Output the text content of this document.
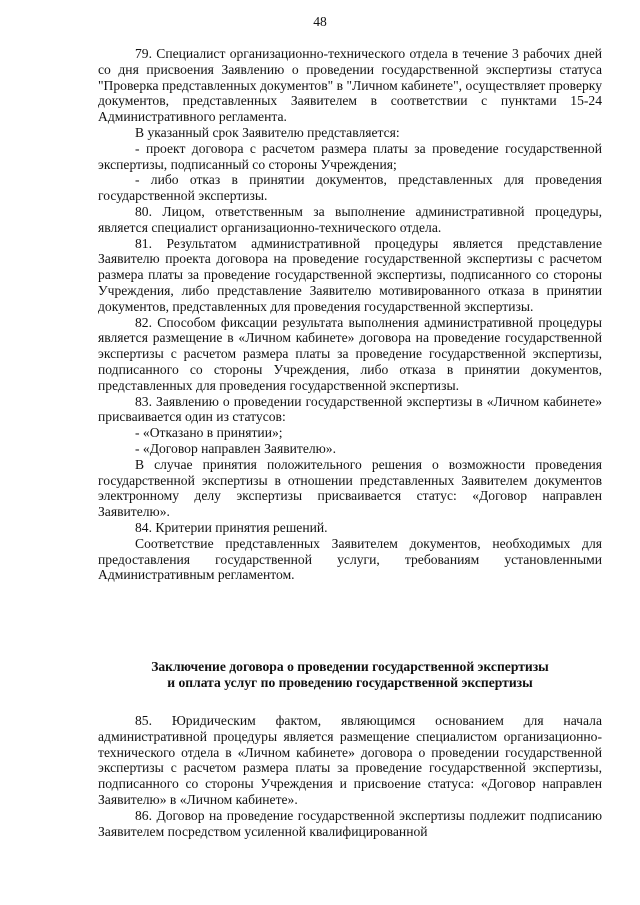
48

79. Специалист организационно-технического отдела в течение 3 рабочих дней со дня присвоения Заявлению о проведении государственной экспертизы статуса "Проверка представленных документов" в "Личном кабинете", осуществляет проверку документов, представленных Заявителем в соответствии с пунктами 15-24 Административного регламента.

В указанный срок Заявителю представляется:

- проект договора с расчетом размера платы за проведение государственной экспертизы, подписанный со стороны Учреждения;

- либо отказ в принятии документов, представленных для проведения государственной экспертизы.

80. Лицом, ответственным за выполнение административной процедуры, является специалист организационно-технического отдела.

81. Результатом административной процедуры является представление Заявителю проекта договора на проведение государственной экспертизы с расчетом размера платы за проведение государственной экспертизы, подписанного со стороны Учреждения, либо представление Заявителю мотивированного отказа в принятии документов, представленных для проведения государственной экспертизы.

82. Способом фиксации результата выполнения административной процедуры является размещение в «Личном кабинете» договора на проведение государственной экспертизы с расчетом размера платы за проведение государственной экспертизы, подписанного со стороны Учреждения, либо отказа в принятии документов, представленных для проведения государственной экспертизы.

83. Заявлению о проведении государственной экспертизы в «Личном кабинете» присваивается один из статусов:

- «Отказано в принятии»;

- «Договор направлен Заявителю».

В случае принятия положительного решения о возможности проведения государственной экспертизы в отношении представленных Заявителем документов электронному делу экспертизы присваивается статус: «Договор направлен Заявителю».

84. Критерии принятия решений.

Соответствие представленных Заявителем документов, необходимых для предоставления государственной услуги, требованиям установленными Административным регламентом.

Заключение договора о проведении государственной экспертизы
и оплата услуг по проведению государственной экспертизы

85. Юридическим фактом, являющимся основанием для начала административной процедуры является размещение специалистом организационно-технического отдела в «Личном кабинете» договора о проведении государственной экспертизы с расчетом размера платы за проведение государственной экспертизы, подписанного со стороны Учреждения и присвоение статуса: «Договор направлен Заявителю» в «Личном кабинете».

86. Договор на проведение государственной экспертизы подлежит подписанию Заявителем посредством усиленной квалифицированной
